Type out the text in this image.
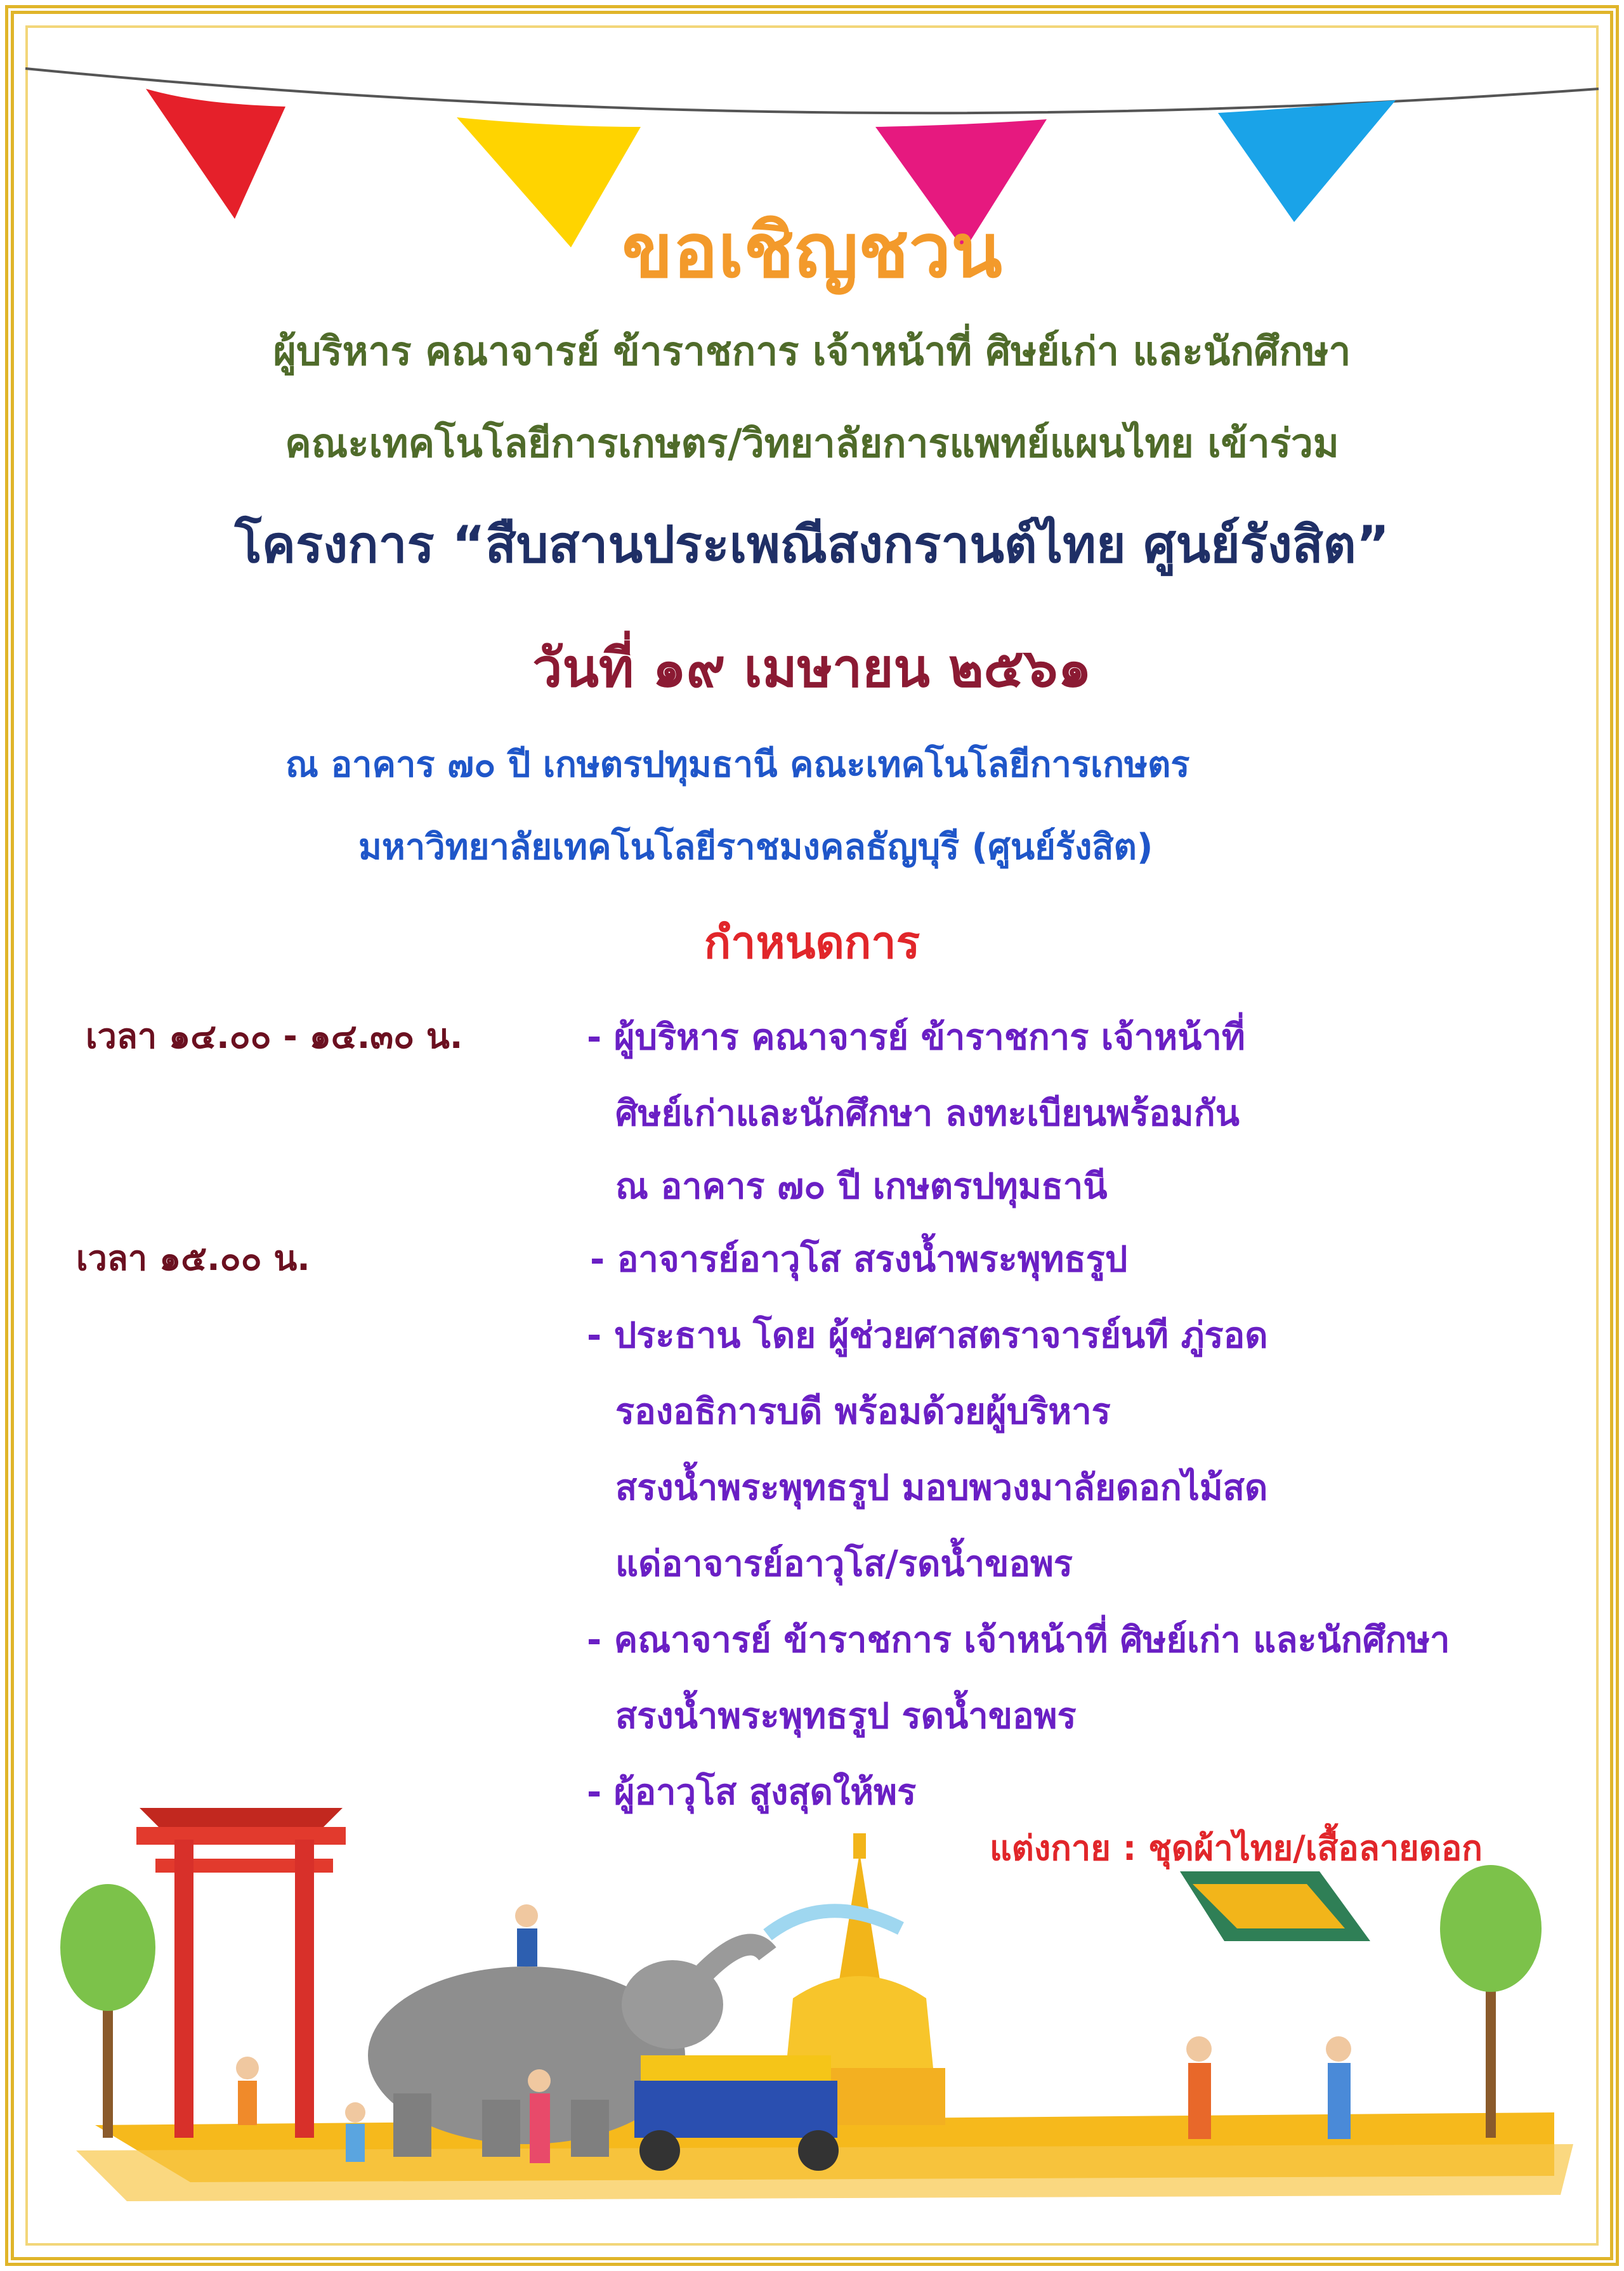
ขอเชิญชวน
ผู้บริหาร คณาจารย์ ข้าราชการ เจ้าหน้าที่ ศิษย์เก่า และนักศึกษา
คณะเทคโนโลยีการเกษตร/วิทยาลัยการแพทย์แผนไทย เข้าร่วม
โครงการ “สืบสานประเพณีสงกรานต์ไทย ศูนย์รังสิต”
วันที่ ๑๙ เมษายน ๒๕๖๑
ณ อาคาร ๗๐ ปี เกษตรปทุมธานี คณะเทคโนโลยีการเกษตร
มหาวิทยาลัยเทคโนโลยีราชมงคลธัญบุรี (ศูนย์รังสิต)
กำหนดการ
เวลา ๑๔.๐๐ - ๑๔.๓๐ น.	- ผู้บริหาร คณาจารย์ ข้าราชการ เจ้าหน้าที่
ศิษย์เก่าและนักศึกษา ลงทะเบียนพร้อมกัน
ณ อาคาร ๗๐ ปี เกษตรปทุมธานี
เวลา ๑๕.๐๐ น.	- อาจารย์อาวุโส สรงน้ำพระพุทธรูป
- ประธาน โดย ผู้ช่วยศาสตราจารย์นที ภู่รอด
รองอธิการบดี พร้อมด้วยผู้บริหาร
สรงน้ำพระพุทธรูป มอบพวงมาลัยดอกไม้สด
แด่อาจารย์อาวุโส/รดน้ำขอพร
- คณาจารย์ ข้าราชการ เจ้าหน้าที่ ศิษย์เก่า และนักศึกษา
สรงน้ำพระพุทธรูป รดน้ำขอพร
- ผู้อาวุโส สูงสุดให้พร
แต่งกาย : ชุดผ้าไทย/เสื้อลายดอก
